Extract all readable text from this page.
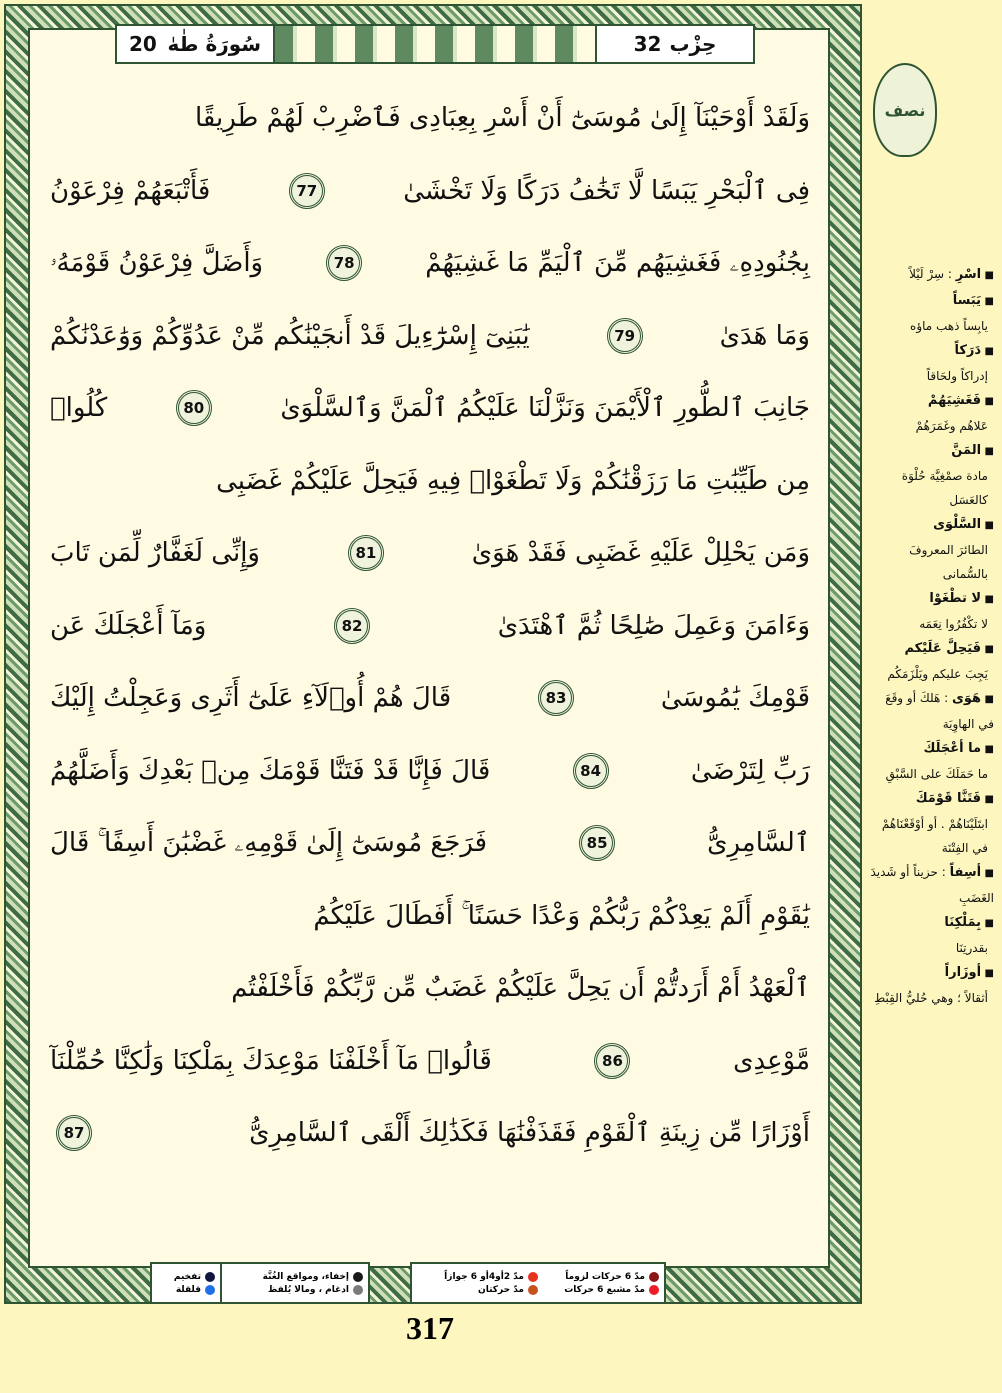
20 سُورَةُ طٰهٰ	حِزْب
32
وَلَقَدْ أَوْحَيْنَآ إِلَىٰ مُوسَىٰٓ أَنْ أَسْرِ بِعِبَادِى فَٱضْرِبْ لَهُمْ طَرِيقًا
فِى ٱلْبَحْرِ يَبَسًا لَّا تَخَٰفُ دَرَكًا وَلَا تَخْشَىٰ
77
فَأَتْبَعَهُمْ فِرْعَوْنُ
بِجُنُودِهِۦ فَغَشِيَهُم مِّنَ ٱلْيَمِّ مَا غَشِيَهُمْ
78
وَأَضَلَّ فِرْعَوْنُ قَوْمَهُۥ
وَمَا هَدَىٰ
79
يَٰبَنِىٓ إِسْرَٰٓءِيلَ قَدْ أَنجَيْنَٰكُم مِّنْ عَدُوِّكُمْ وَوَٰعَدْنَٰكُمْ
جَانِبَ ٱلطُّورِ ٱلْأَيْمَنَ وَنَزَّلْنَا عَلَيْكُمُ ٱلْمَنَّ وَٱلسَّلْوَىٰ
80
كُلُوا۟
مِن طَيِّبَٰتِ مَا رَزَقْنَٰكُمْ وَلَا تَطْغَوْا۟ فِيهِ فَيَحِلَّ عَلَيْكُمْ غَضَبِى
وَمَن يَحْلِلْ عَلَيْهِ غَضَبِى فَقَدْ هَوَىٰ
81
وَإِنِّى لَغَفَّارٌ لِّمَن تَابَ
وَءَامَنَ وَعَمِلَ صَٰلِحًا ثُمَّ ٱهْتَدَىٰ
82
وَمَآ أَعْجَلَكَ عَن
قَوْمِكَ يَٰمُوسَىٰ
83
قَالَ هُمْ أُو۟لَآءِ عَلَىٰٓ أَثَرِى وَعَجِلْتُ إِلَيْكَ
رَبِّ لِتَرْضَىٰ
84
قَالَ فَإِنَّا قَدْ فَتَنَّا قَوْمَكَ مِنۢ بَعْدِكَ وَأَضَلَّهُمُ
ٱلسَّامِرِىُّ
85
فَرَجَعَ مُوسَىٰٓ إِلَىٰ قَوْمِهِۦ غَضْبَٰنَ أَسِفًا ۚ قَالَ
يَٰقَوْمِ أَلَمْ يَعِدْكُمْ رَبُّكُمْ وَعْدًا حَسَنًا ۚ أَفَطَالَ عَلَيْكُمُ
ٱلْعَهْدُ أَمْ أَرَدتُّمْ أَن يَحِلَّ عَلَيْكُمْ غَضَبٌ مِّن رَّبِّكُمْ فَأَخْلَفْتُم
مَّوْعِدِى
86
قَالُوا۟ مَآ أَخْلَفْنَا مَوْعِدَكَ بِمَلْكِنَا وَلَٰكِنَّا حُمِّلْنَآ
أَوْزَارًا مِّن زِينَةِ ٱلْقَوْمِ فَقَذَفْنَٰهَا فَكَذَٰلِكَ أَلْقَى ٱلسَّامِرِىُّ
87
نصف
■ اسْرِ : سِرْ لَيْلاً
■ يَبَساً
يابِساً ذهب ماؤه
■ دَرَكاً
إدراكاً ولحَاقاً
■ فَغَشِيَهُمْ
عَلاهُم وغَمَرَهُمْ
■ المَنَّ
مادة صمْغِيَّة حُلْوَة كالعَسَل
■ السَّلْوَى
الطائرَ المعروفَ بالسُّمانى
■ لا تطْغَوْا
لا تكْفُرُوا نِعَمَه
■ فَيَحِلَّ عَلَيْكم
يَجِبَ عليكم ويَلْزَمَكُم
■ هَوَى : هَلكَ أو وقَعَ في الهاوِيَة
■ ما أعْجَلَكَ
ما حَمَلَكَ على السَّبْقِ
■ فَتَنَّا قَوْمَكَ
ابتَلَيْنَاهُمْ . أو أوْقَعْنَاهُمْ في الفِتْنَة
■ أسِفاً : حزيناً أو شَديدَ الغَضَبِ
■ بِمَلْكِنَا
بقدرتِنَا
■ أوزَاراً
أثقالاً ؛ وهي حُليُّ القِبْطِ
مدّ 6 حركات لزوماً
مدّ 2أو4أو 6 جوازاً
مدّ مشبع 6 حركات
مدّ حركتان
إخفاء، ومواقع الغُنَّة
ادغام ، ومالا يُلفظ
تفخيم
قلقلة
317
